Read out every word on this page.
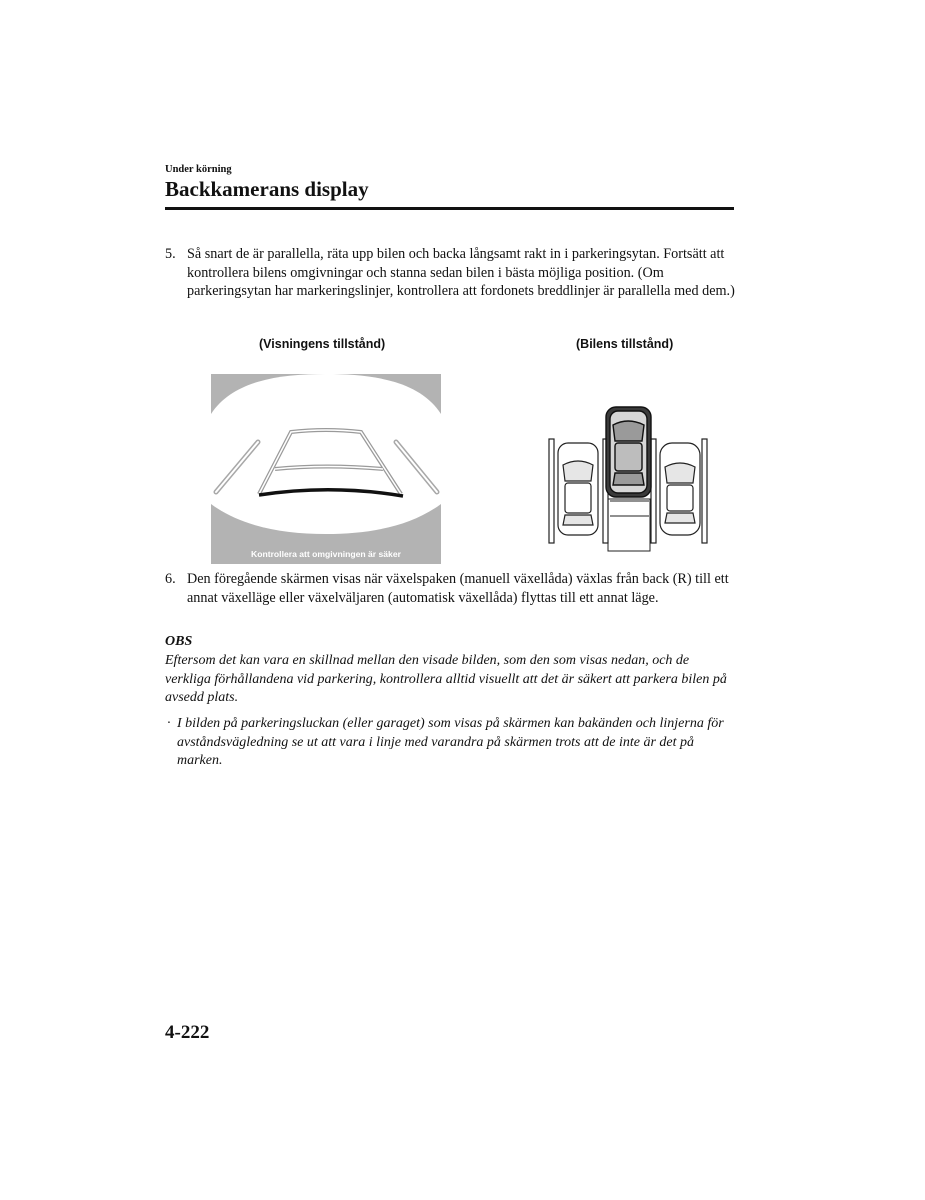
Under körning
Backkamerans display
5. Så snart de är parallella, räta upp bilen och backa långsamt rakt in i parkeringsytan. Fortsätt att kontrollera bilens omgivningar och stanna sedan bilen i bästa möjliga position. (Om parkeringsytan har markeringslinjer, kontrollera att fordonets breddlinjer är parallella med dem.)
(Visningens tillstånd)	(Bilens tillstånd)
Kontrollera att omgivningen är säker
6. Den föregående skärmen visas när växelspaken (manuell växellåda) växlas från back (R) till ett annat växelläge eller växelväljaren (automatisk växellåda) flyttas till ett annat läge.
OBS
Eftersom det kan vara en skillnad mellan den visade bilden, som den som visas nedan, och de verkliga förhållandena vid parkering, kontrollera alltid visuellt att det är säkert att parkera bilen på avsedd plats.
· I bilden på parkeringsluckan (eller garaget) som visas på skärmen kan bakänden och linjerna för avståndsvägledning se ut att vara i linje med varandra på skärmen trots att de inte är det på marken.
4-222
